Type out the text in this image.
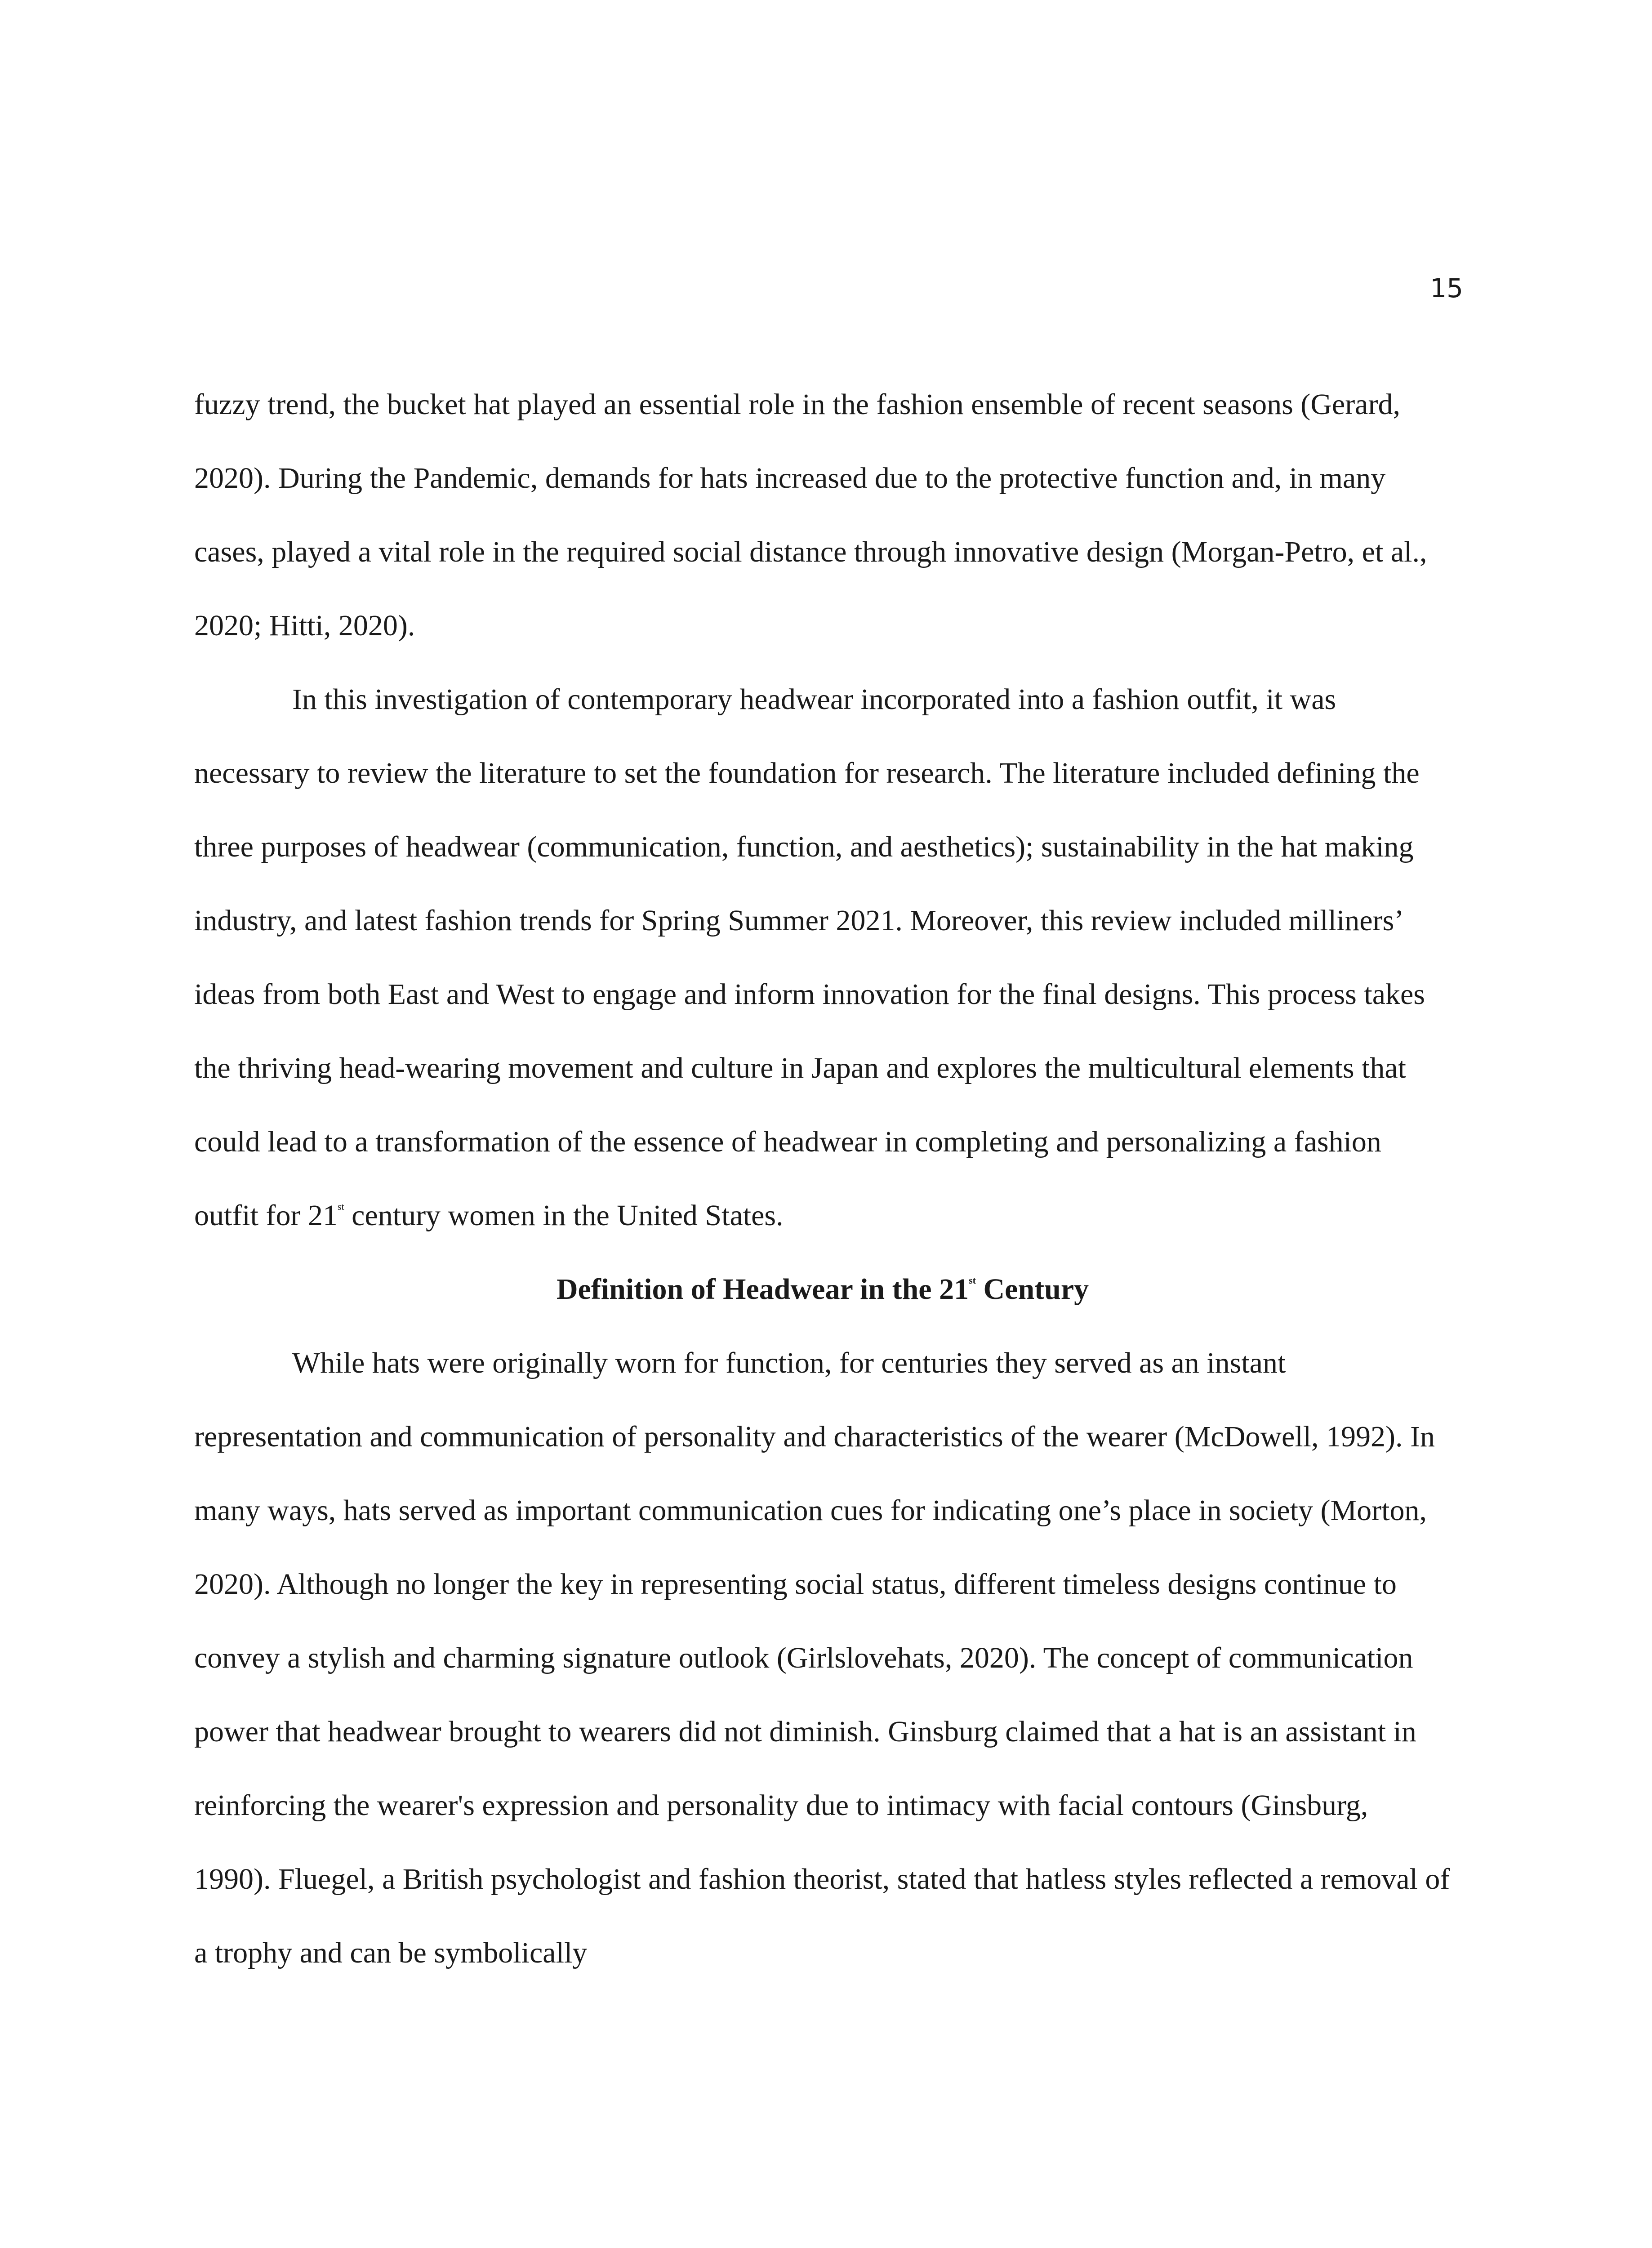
15

fuzzy trend, the bucket hat played an essential role in the fashion ensemble of recent seasons (Gerard, 2020). During the Pandemic, demands for hats increased due to the protective function and, in many cases, played a vital role in the required social distance through innovative design (Morgan-Petro, et al., 2020; Hitti, 2020).

In this investigation of contemporary headwear incorporated into a fashion outfit, it was necessary to review the literature to set the foundation for research. The literature included defining the three purposes of headwear (communication, function, and aesthetics); sustainability in the hat making industry, and latest fashion trends for Spring Summer 2021. Moreover, this review included milliners’ ideas from both East and West to engage and inform innovation for the final designs. This process takes the thriving head-wearing movement and culture in Japan and explores the multicultural elements that could lead to a transformation of the essence of headwear in completing and personalizing a fashion outfit for 21st century women in the United States.

Definition of Headwear in the 21st Century

While hats were originally worn for function, for centuries they served as an instant representation and communication of personality and characteristics of the wearer (McDowell, 1992). In many ways, hats served as important communication cues for indicating one’s place in society (Morton, 2020). Although no longer the key in representing social status, different timeless designs continue to convey a stylish and charming signature outlook (Girlslovehats, 2020). The concept of communication power that headwear brought to wearers did not diminish. Ginsburg claimed that a hat is an assistant in reinforcing the wearer's expression and personality due to intimacy with facial contours (Ginsburg, 1990). Fluegel, a British psychologist and fashion theorist, stated that hatless styles reflected a removal of a trophy and can be symbolically
